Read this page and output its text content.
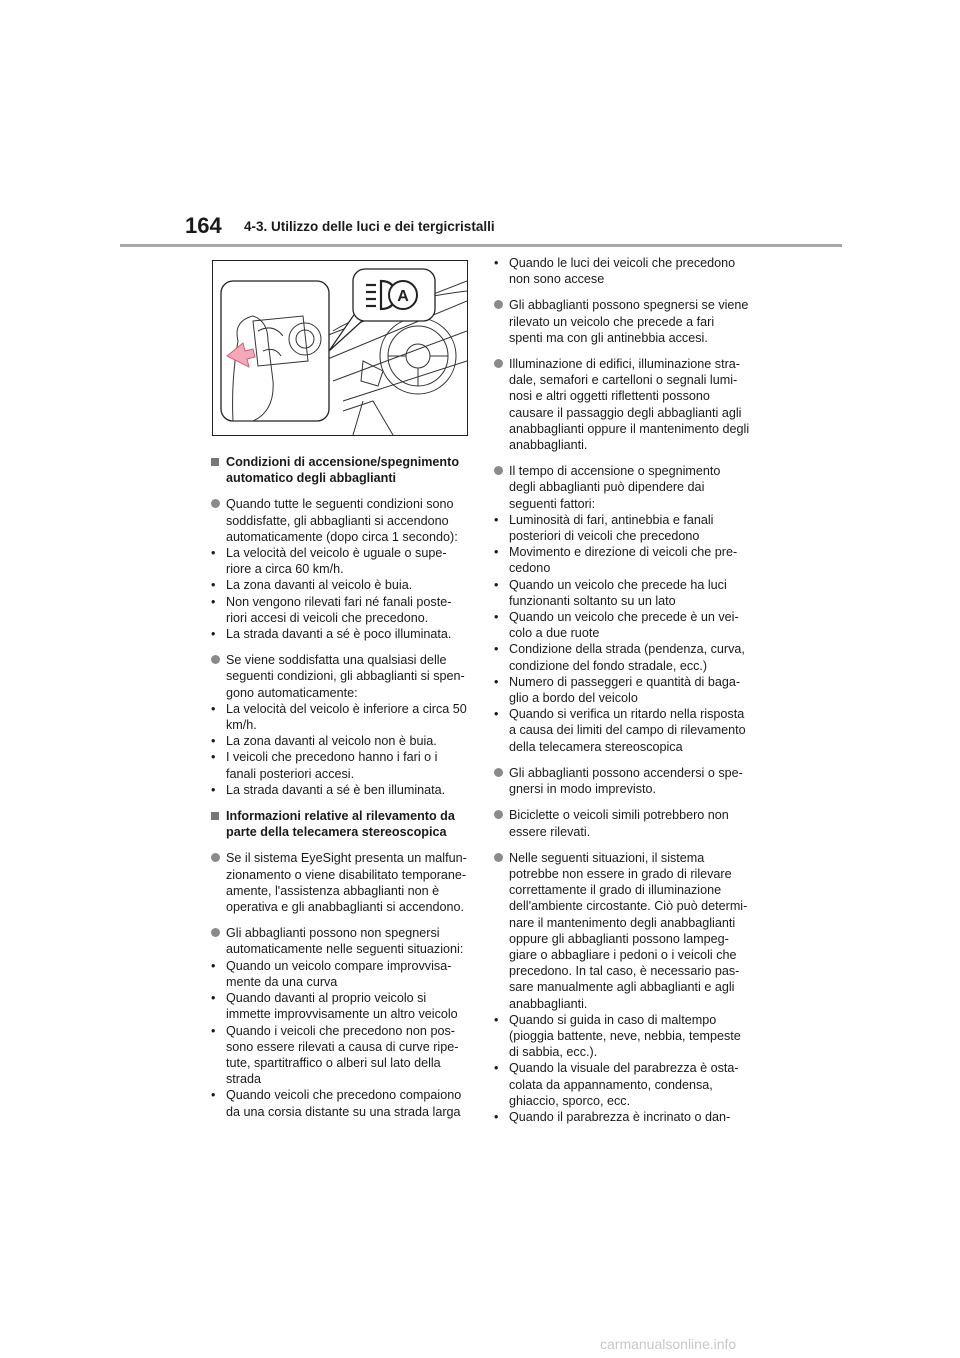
164 4-3. Utilizzo delle luci e dei tergicristalli
A
Condizioni di accensione/spegnimento
automatico degli abbaglianti
Quando tutte le seguenti condizioni sono
soddisfatte, gli abbaglianti si accendono
automaticamente (dopo circa 1 secondo):
• La velocità del veicolo è uguale o supe-
riore a circa 60 km/h.
• La zona davanti al veicolo è buia.
• Non vengono rilevati fari né fanali poste-
riori accesi di veicoli che precedono.
• La strada davanti a sé è poco illuminata.
Se viene soddisfatta una qualsiasi delle
seguenti condizioni, gli abbaglianti si spen-
gono automaticamente:
• La velocità del veicolo è inferiore a circa 50
km/h.
• La zona davanti al veicolo non è buia.
• I veicoli che precedono hanno i fari o i
fanali posteriori accesi.
• La strada davanti a sé è ben illuminata.
Informazioni relative al rilevamento da
parte della telecamera stereoscopica
Se il sistema EyeSight presenta un malfun-
zionamento o viene disabilitato temporane-
amente, l'assistenza abbaglianti non è
operativa e gli anabbaglianti si accendono.
Gli abbaglianti possono non spegnersi
automaticamente nelle seguenti situazioni:
• Quando un veicolo compare improvvisa-
mente da una curva
• Quando davanti al proprio veicolo si
immette improvvisamente un altro veicolo
• Quando i veicoli che precedono non pos-
sono essere rilevati a causa di curve ripe-
tute, spartitraffico o alberi sul lato della
strada
• Quando veicoli che precedono compaiono
da una corsia distante su una strada larga
• Quando le luci dei veicoli che precedono
non sono accese
Gli abbaglianti possono spegnersi se viene
rilevato un veicolo che precede a fari
spenti ma con gli antinebbia accesi.
Illuminazione di edifici, illuminazione stra-
dale, semafori e cartelloni o segnali lumi-
nosi e altri oggetti riflettenti possono
causare il passaggio degli abbaglianti agli
anabbaglianti oppure il mantenimento degli
anabbaglianti.
Il tempo di accensione o spegnimento
degli abbaglianti può dipendere dai
seguenti fattori:
• Luminosità di fari, antinebbia e fanali
posteriori di veicoli che precedono
• Movimento e direzione di veicoli che pre-
cedono
• Quando un veicolo che precede ha luci
funzionanti soltanto su un lato
• Quando un veicolo che precede è un vei-
colo a due ruote
• Condizione della strada (pendenza, curva,
condizione del fondo stradale, ecc.)
• Numero di passeggeri e quantità di baga-
glio a bordo del veicolo
• Quando si verifica un ritardo nella risposta
a causa dei limiti del campo di rilevamento
della telecamera stereoscopica
Gli abbaglianti possono accendersi o spe-
gnersi in modo imprevisto.
Biciclette o veicoli simili potrebbero non
essere rilevati.
Nelle seguenti situazioni, il sistema
potrebbe non essere in grado di rilevare
correttamente il grado di illuminazione
dell'ambiente circostante. Ciò può determi-
nare il mantenimento degli anabbaglianti
oppure gli abbaglianti possono lampeg-
giare o abbagliare i pedoni o i veicoli che
precedono. In tal caso, è necessario pas-
sare manualmente agli abbaglianti e agli
anabbaglianti.
• Quando si guida in caso di maltempo
(pioggia battente, neve, nebbia, tempeste
di sabbia, ecc.).
• Quando la visuale del parabrezza è osta-
colata da appannamento, condensa,
ghiaccio, sporco, ecc.
• Quando il parabrezza è incrinato o dan-
carmanualsonline.info
